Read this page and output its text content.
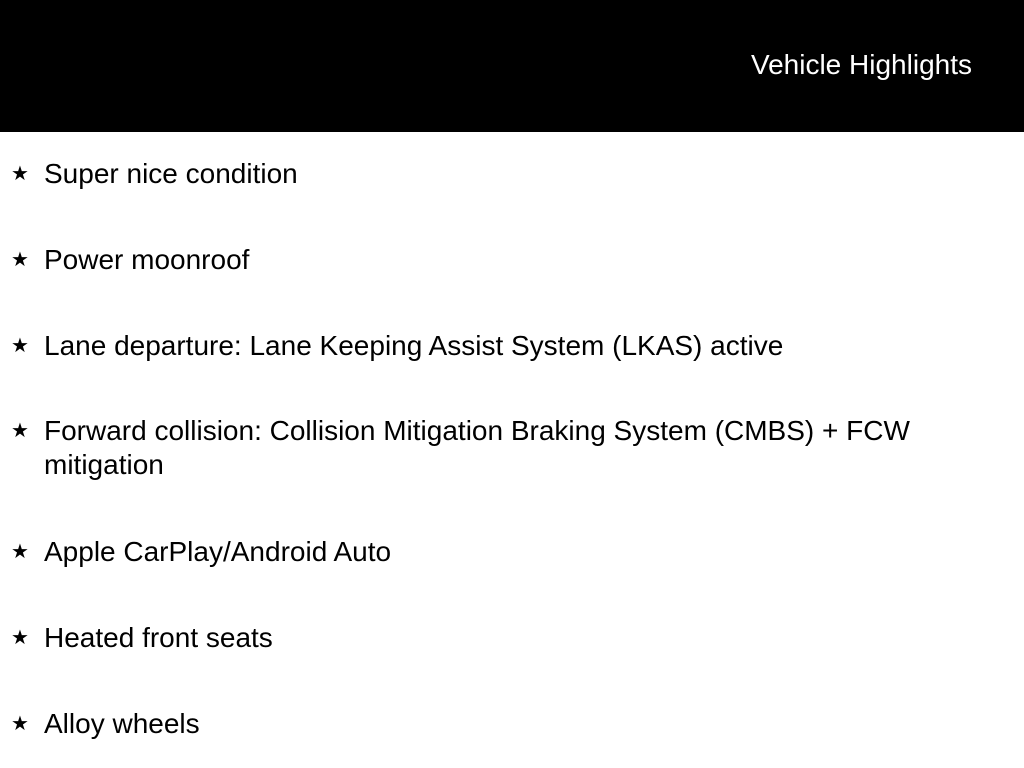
Vehicle Highlights
★ Super nice condition
★ Power moonroof
★ Lane departure: Lane Keeping Assist System (LKAS) active
★ Forward collision: Collision Mitigation Braking System (CMBS) + FCW mitigation
★ Apple CarPlay/Android Auto
★ Heated front seats
★ Alloy wheels
